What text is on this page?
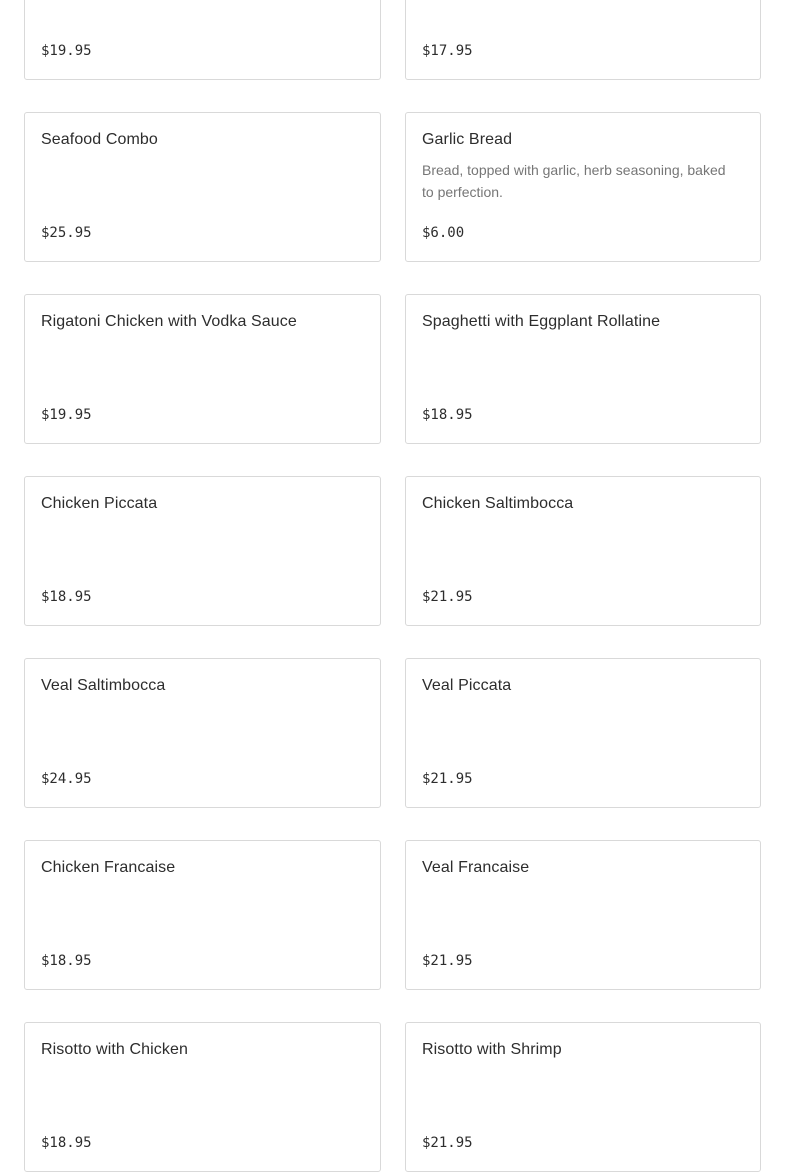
$19.95	$17.95
Seafood Combo
$25.95
Garlic Bread
Bread, topped with garlic, herb seasoning, baked to perfection.
$6.00
Rigatoni Chicken with Vodka Sauce
$19.95
Spaghetti with Eggplant Rollatine
$18.95
Chicken Piccata
$18.95
Chicken Saltimbocca
$21.95
Veal Saltimbocca
$24.95
Veal Piccata
$21.95
Chicken Francaise
$18.95
Veal Francaise
$21.95
Risotto with Chicken
$18.95
Risotto with Shrimp
$21.95
